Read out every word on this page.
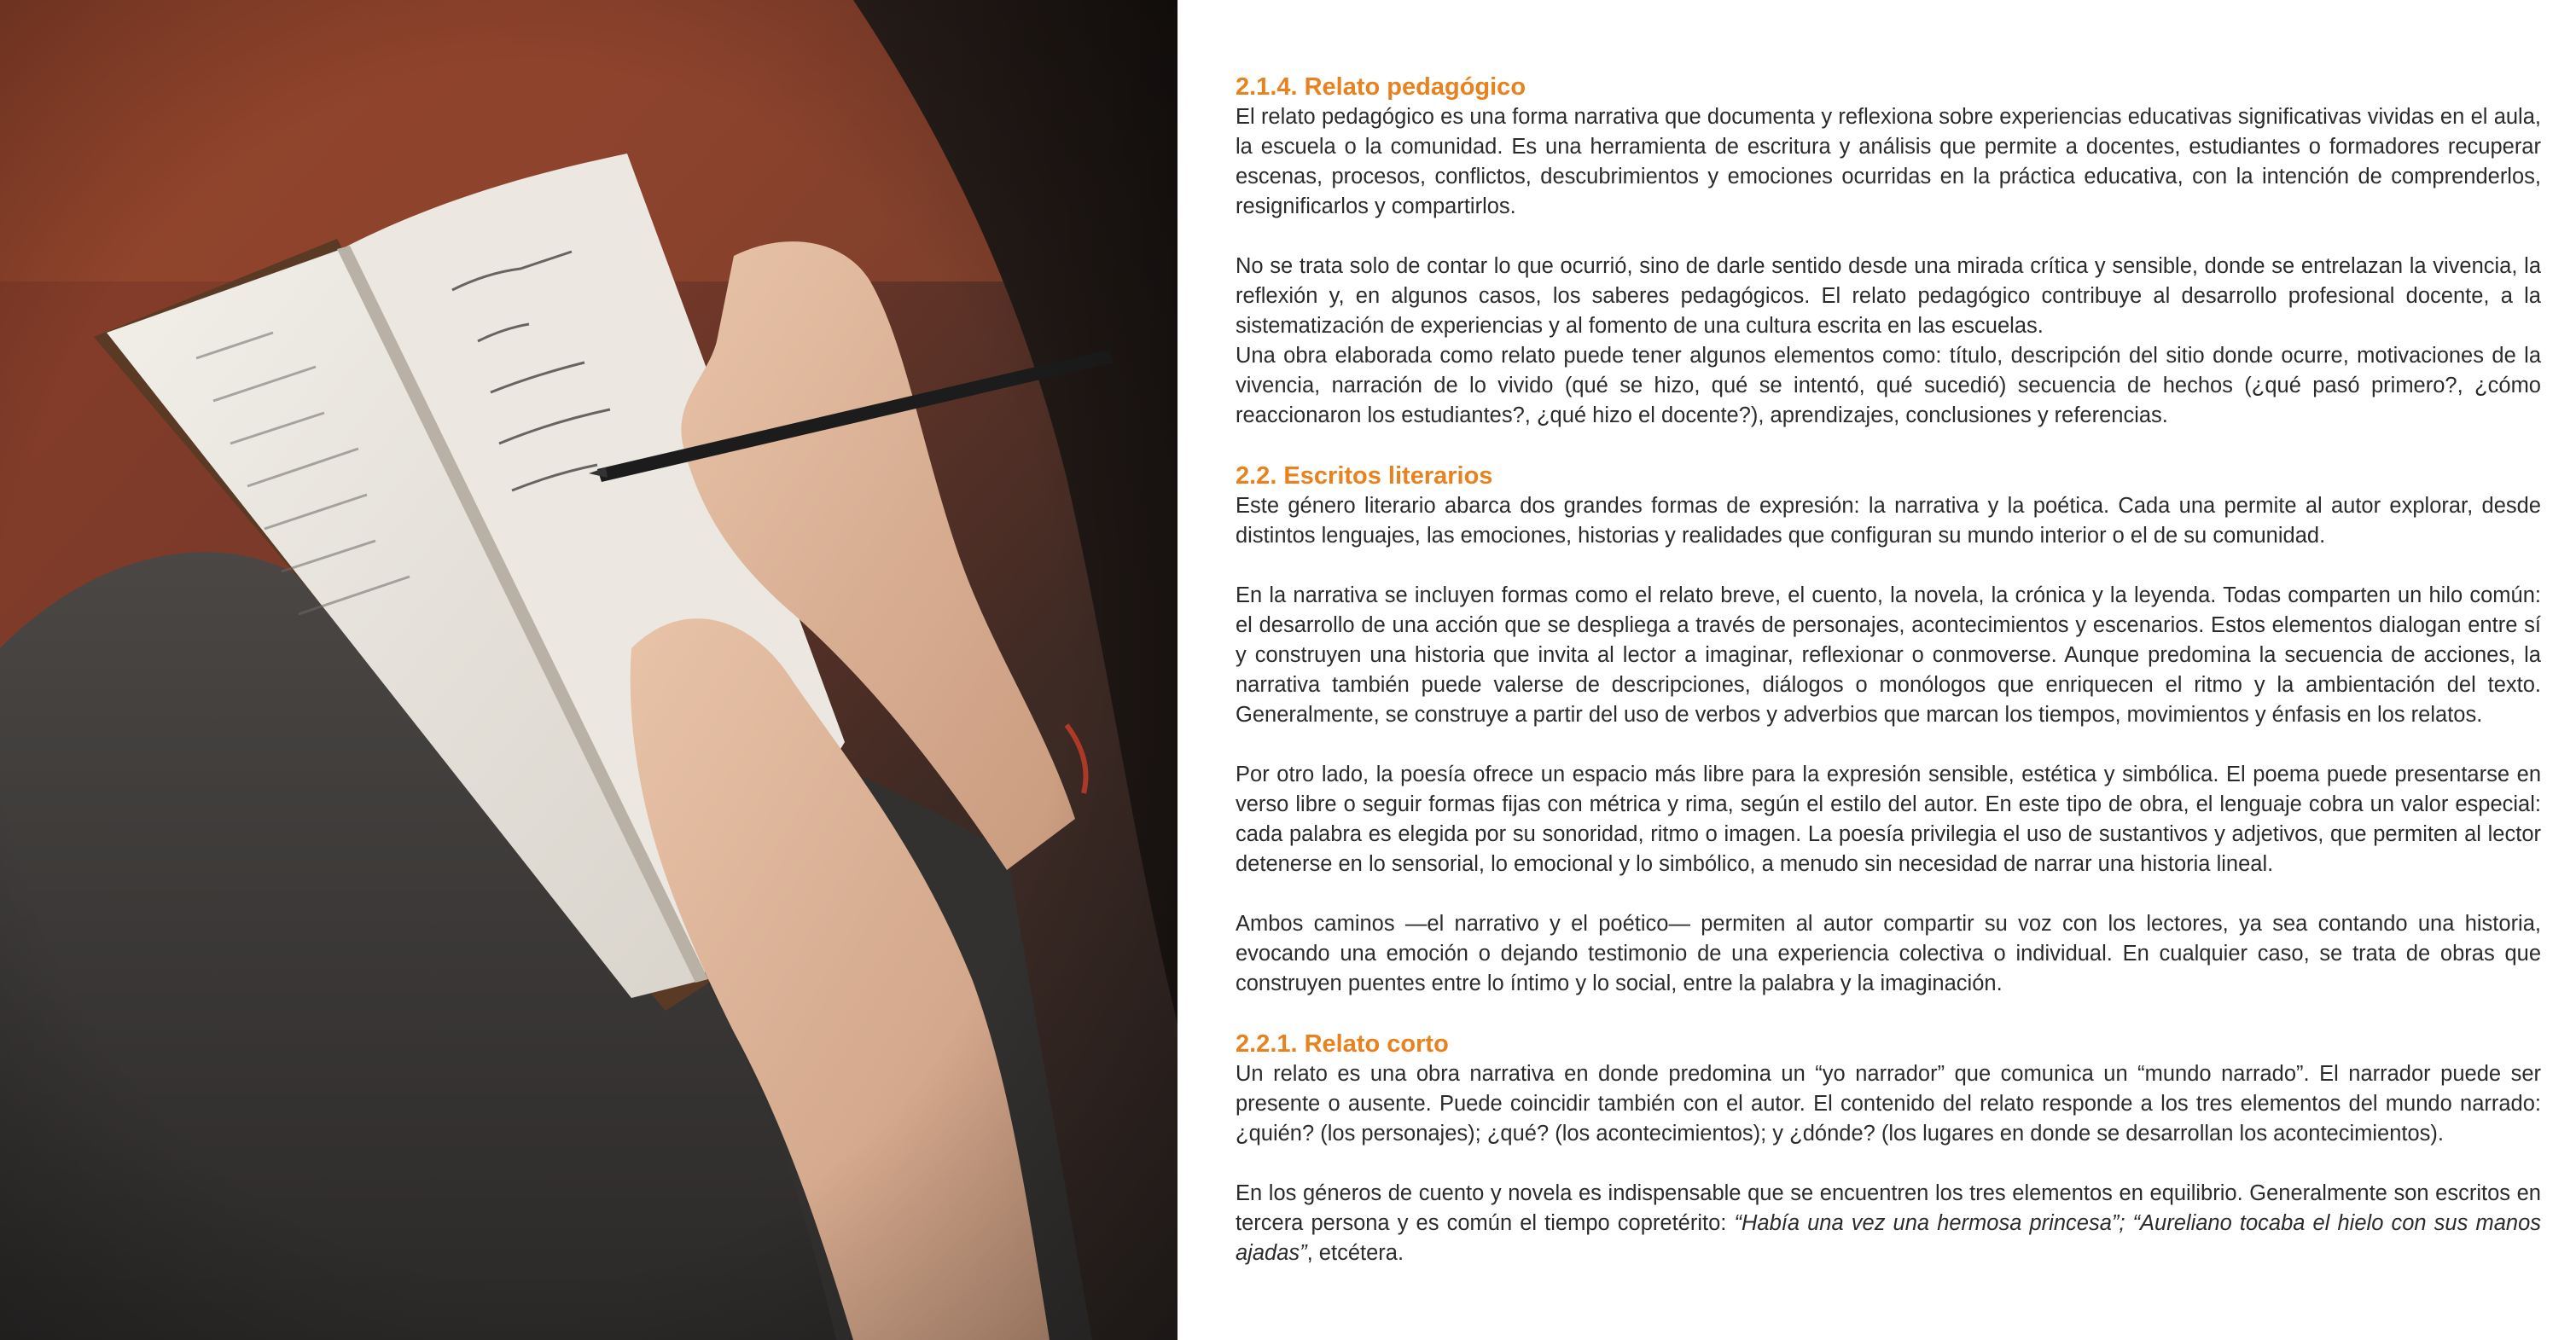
2.1.4. Relato pedagógico

El relato pedagógico es una forma narrativa que documenta y reflexiona sobre experiencias educativas significativas vividas en el aula, la escuela o la comunidad. Es una herramienta de escritura y análisis que permite a docentes, estudiantes o formadores recuperar escenas, procesos, conflictos, descubrimientos y emociones ocurridas en la práctica educativa, con la intención de comprenderlos, resignificarlos y compartirlos.

No se trata solo de contar lo que ocurrió, sino de darle sentido desde una mirada crítica y sensible, donde se entrelazan la vivencia, la reflexión y, en algunos casos, los saberes pedagógicos. El relato pedagógico contribuye al desarrollo profesional docente, a la sistematización de experiencias y al fomento de una cultura escrita en las escuelas.

Una obra elaborada como relato puede tener algunos elementos como: título, descripción del sitio donde ocurre, motivaciones de la vivencia, narración de lo vivido (qué se hizo, qué se intentó, qué sucedió) secuencia de hechos (¿qué pasó primero?, ¿cómo reaccionaron los estudiantes?, ¿qué hizo el docente?), aprendizajes, conclusiones y referencias.

2.2. Escritos literarios

Este género literario abarca dos grandes formas de expresión: la narrativa y la poética. Cada una permite al autor explorar, desde distintos lenguajes, las emociones, historias y realidades que configuran su mundo interior o el de su comunidad.

En la narrativa se incluyen formas como el relato breve, el cuento, la novela, la crónica y la leyenda. Todas comparten un hilo común: el desarrollo de una acción que se despliega a través de personajes, acontecimientos y escenarios. Estos elementos dialogan entre sí y construyen una historia que invita al lector a imaginar, reflexionar o conmoverse. Aunque predomina la secuencia de acciones, la narrativa también puede valerse de descripciones, diálogos o monólogos que enriquecen el ritmo y la ambientación del texto. Generalmente, se construye a partir del uso de verbos y adverbios que marcan los tiempos, movimientos y énfasis en los relatos.

Por otro lado, la poesía ofrece un espacio más libre para la expresión sensible, estética y simbólica. El poema puede presentarse en verso libre o seguir formas fijas con métrica y rima, según el estilo del autor. En este tipo de obra, el lenguaje cobra un valor especial: cada palabra es elegida por su sonoridad, ritmo o imagen. La poesía privilegia el uso de sustantivos y adjetivos, que permiten al lector detenerse en lo sensorial, lo emocional y lo simbólico, a menudo sin necesidad de narrar una historia lineal.

Ambos caminos —el narrativo y el poético— permiten al autor compartir su voz con los lectores, ya sea contando una historia, evocando una emoción o dejando testimonio de una experiencia colectiva o individual. En cualquier caso, se trata de obras que construyen puentes entre lo íntimo y lo social, entre la palabra y la imaginación.

2.2.1. Relato corto

Un relato es una obra narrativa en donde predomina un “yo narrador” que comunica un “mundo narrado”. El narrador puede ser presente o ausente. Puede coincidir también con el autor. El contenido del relato responde a los tres elementos del mundo narrado: ¿quién? (los personajes); ¿qué? (los acontecimientos); y ¿dónde? (los lugares en donde se desarrollan los acontecimientos).

En los géneros de cuento y novela es indispensable que se encuentren los tres elementos en equilibrio. Generalmente son escritos en tercera persona y es común el tiempo copretérito: “Había una vez una hermosa princesa”; “Aureliano tocaba el hielo con sus manos ajadas”, etcétera.
